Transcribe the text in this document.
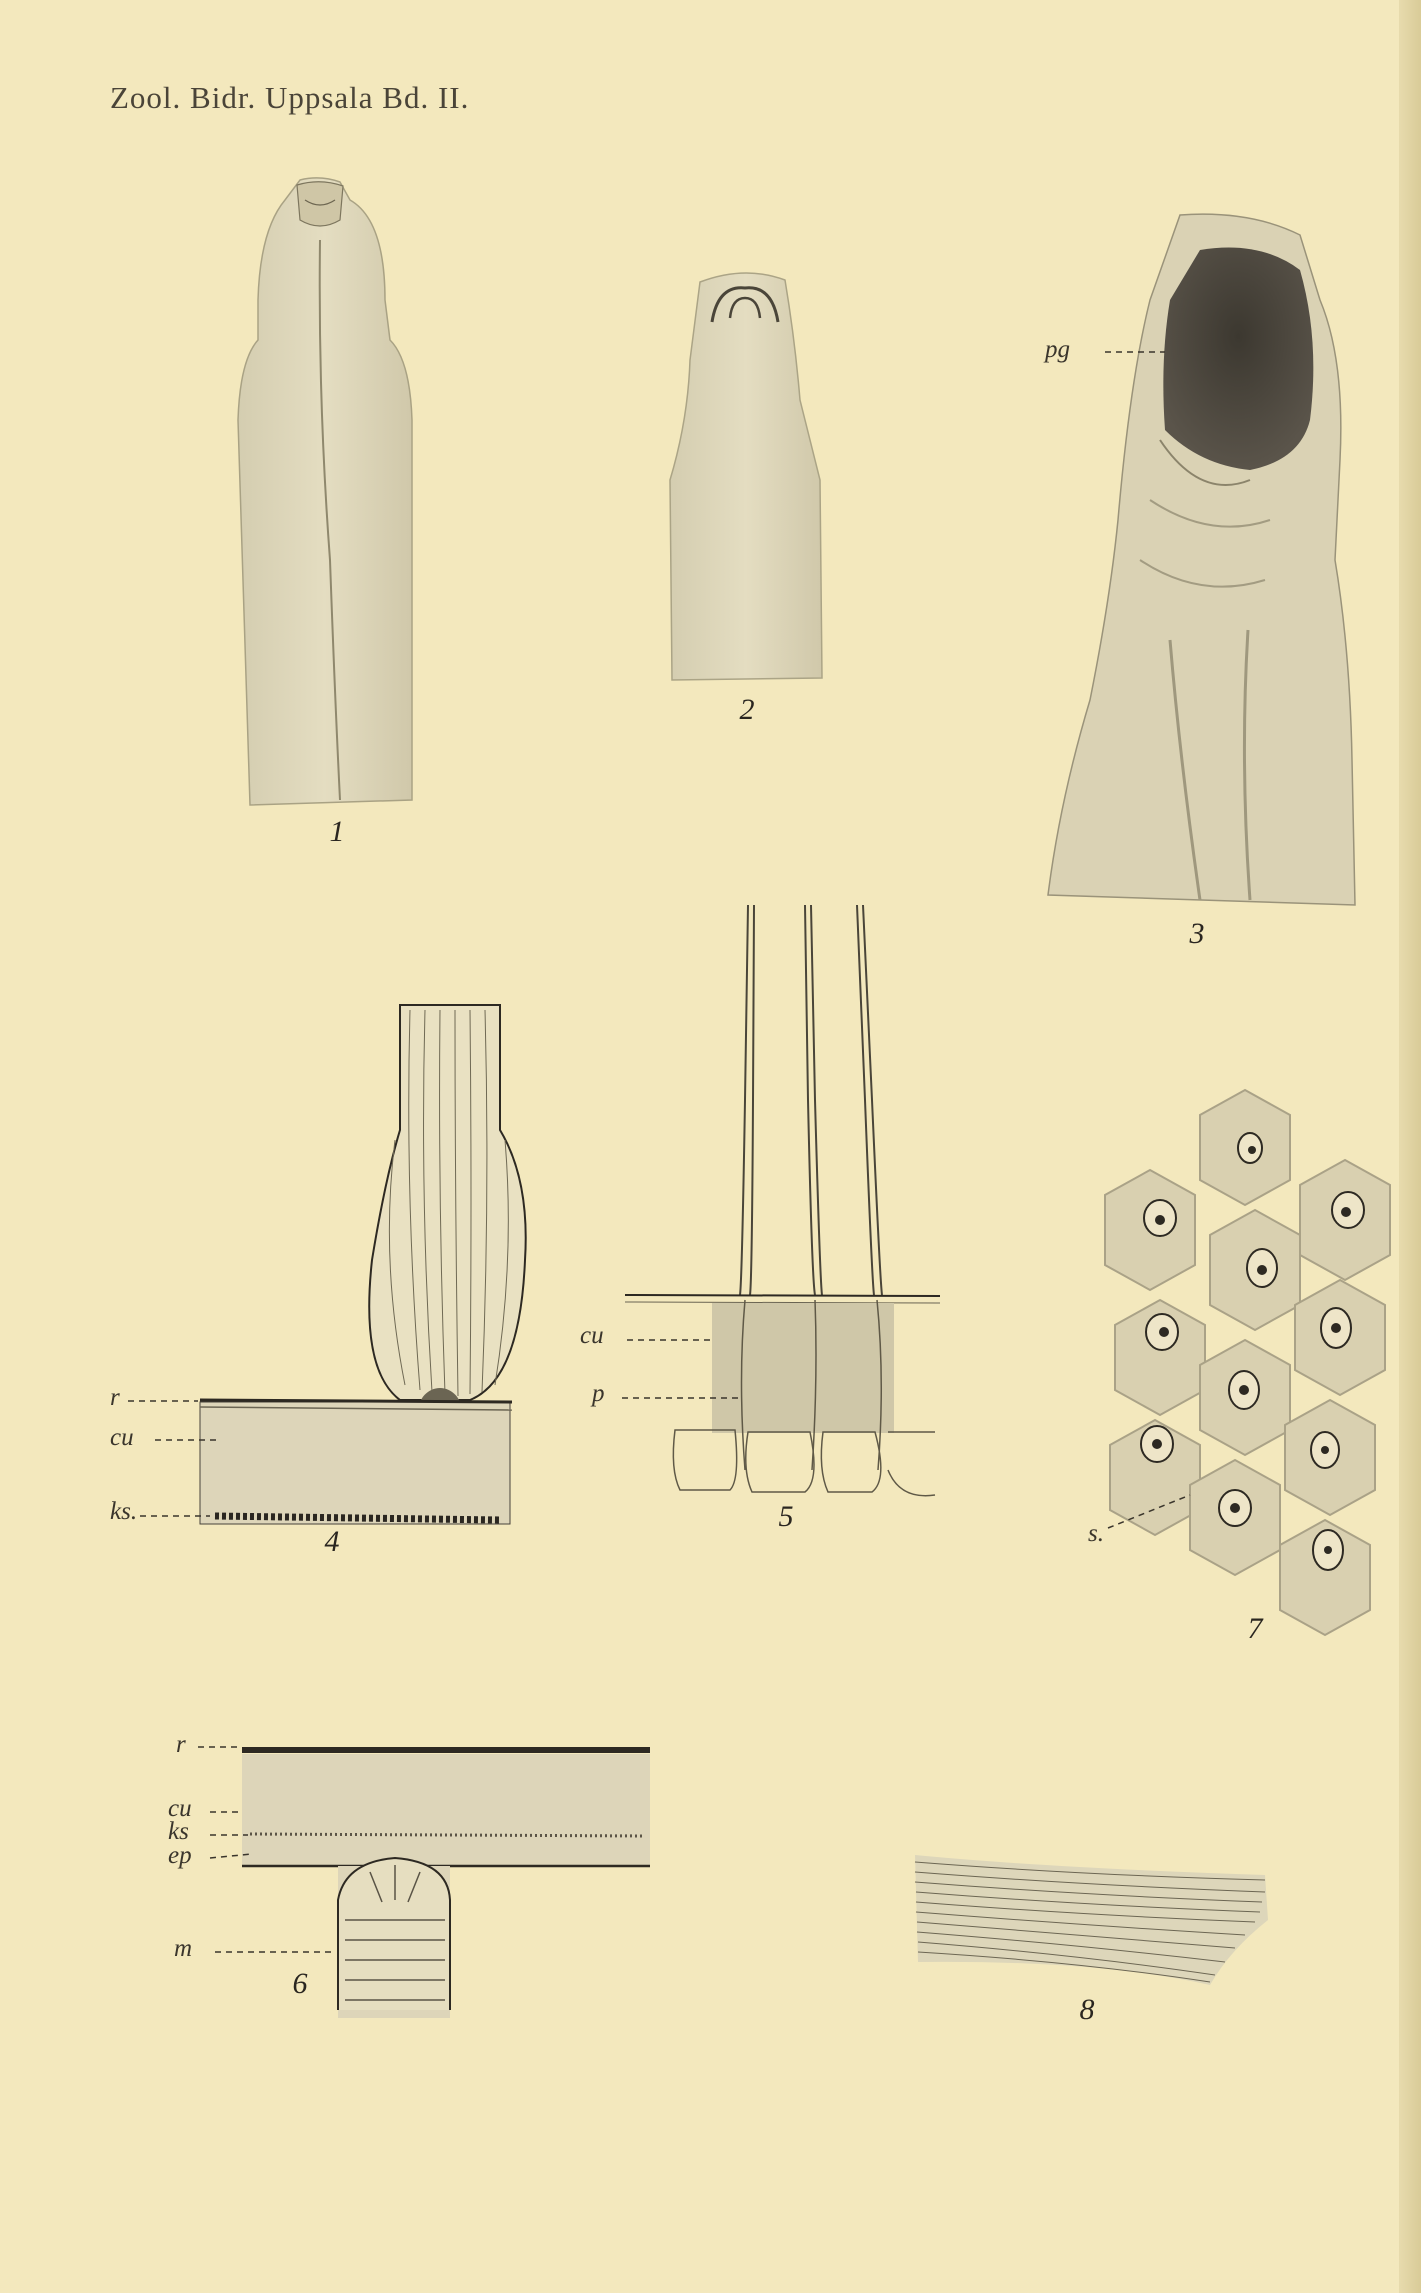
Zool. Bidr. Uppsala Bd. II.
1
2
3
4
5
6
7
8
pg
r
cu
ks.
cu
p
r
cu
ks
ep
m
s.
